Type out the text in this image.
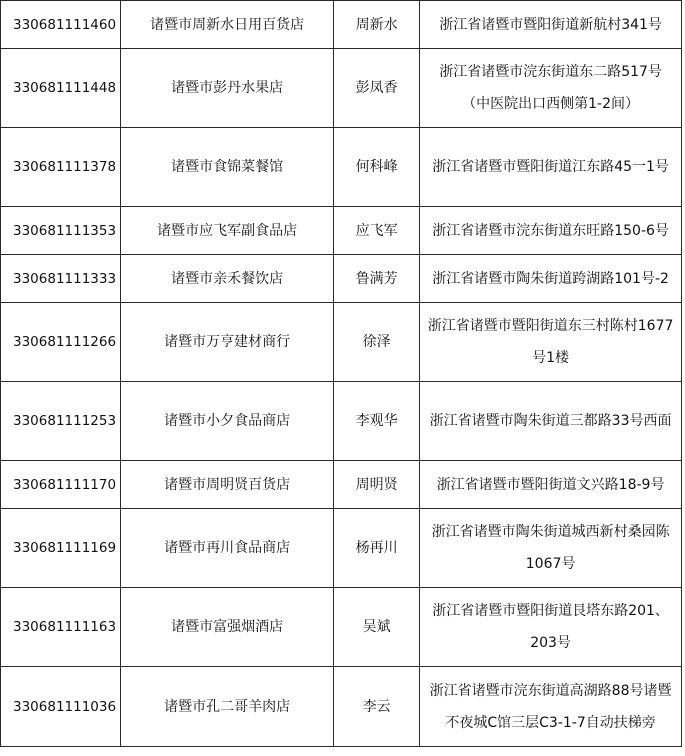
330681111460	诸暨市周新水日用百货店	周新水	浙江省诸暨市暨阳街道新航村341号
330681111448	诸暨市彭丹水果店	彭凤香	浙江省诸暨市浣东街道东二路517号（中医院出口西侧第1-2间）
330681111378	诸暨市食锦菜餐馆	何科峰	浙江省诸暨市暨阳街道江东路45一1号
330681111353	诸暨市应飞军副食品店	应飞军	浙江省诸暨市浣东街道东旺路150-6号
330681111333	诸暨市亲禾餐饮店	鲁满芳	浙江省诸暨市陶朱街道跨湖路101号-2
330681111266	诸暨市万亨建材商行	徐泽	浙江省诸暨市暨阳街道东三村陈村1677号1楼
330681111253	诸暨市小夕食品商店	李观华	浙江省诸暨市陶朱街道三都路33号西面
330681111170	诸暨市周明贤百货店	周明贤	浙江省诸暨市暨阳街道文兴路18-9号
330681111169	诸暨市再川食品商店	杨再川	浙江省诸暨市陶朱街道城西新村桑园陈1067号
330681111163	诸暨市富强烟酒店	吴斌	浙江省诸暨市暨阳街道艮塔东路201、203号
330681111036	诸暨市孔二哥羊肉店	李云	浙江省诸暨市浣东街道高湖路88号诸暨不夜城C馆三层C3-1-7自动扶梯旁
